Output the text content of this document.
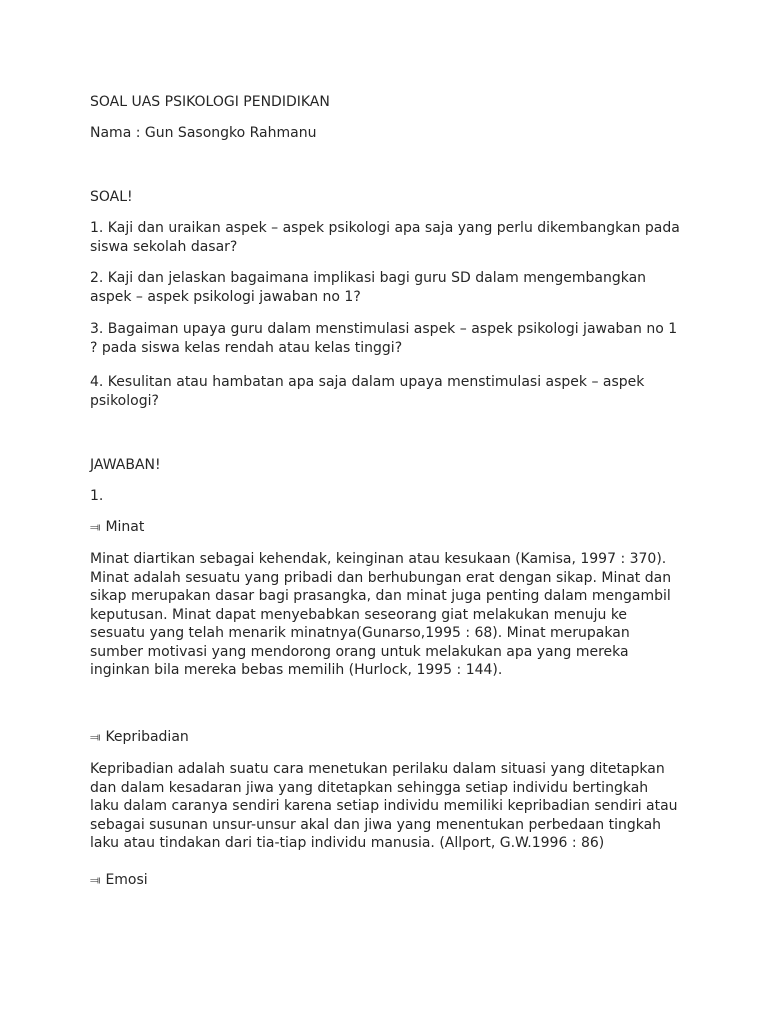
SOAL UAS PSIKOLOGI PENDIDIKAN

Nama : Gun Sasongko Rahmanu

SOAL!

1. Kaji dan uraikan aspek – aspek psikologi apa saja yang perlu dikembangkan pada siswa sekolah dasar?

2. Kaji dan jelaskan bagaimana implikasi bagi guru SD dalam mengembangkan aspek – aspek psikologi jawaban no 1?

3. Bagaiman upaya guru dalam menstimulasi aspek – aspek psikologi jawaban no 1 ? pada siswa kelas rendah atau kelas tinggi?

4. Kesulitan atau hambatan apa saja dalam upaya menstimulasi aspek – aspek psikologi?

JAWABAN!

1.

⫥ Minat

Minat diartikan sebagai kehendak, keinginan atau kesukaan (Kamisa, 1997 : 370). Minat adalah sesuatu yang pribadi dan berhubungan erat dengan sikap. Minat dan sikap merupakan dasar bagi prasangka, dan minat juga penting dalam mengambil keputusan. Minat dapat menyebabkan seseorang giat melakukan menuju ke sesuatu yang telah menarik minatnya(Gunarso,1995 : 68). Minat merupakan sumber motivasi yang mendorong orang untuk melakukan apa yang mereka inginkan bila mereka bebas memilih (Hurlock, 1995 : 144).

⫥ Kepribadian

Kepribadian adalah suatu cara menetukan perilaku dalam situasi yang ditetapkan dan dalam kesadaran jiwa yang ditetapkan sehingga setiap individu bertingkah laku dalam caranya sendiri karena setiap individu memiliki kepribadian sendiri atau sebagai susunan unsur-unsur akal dan jiwa yang menentukan perbedaan tingkah laku atau tindakan dari tia-tiap individu manusia. (Allport, G.W.1996 : 86)

⫥ Emosi
